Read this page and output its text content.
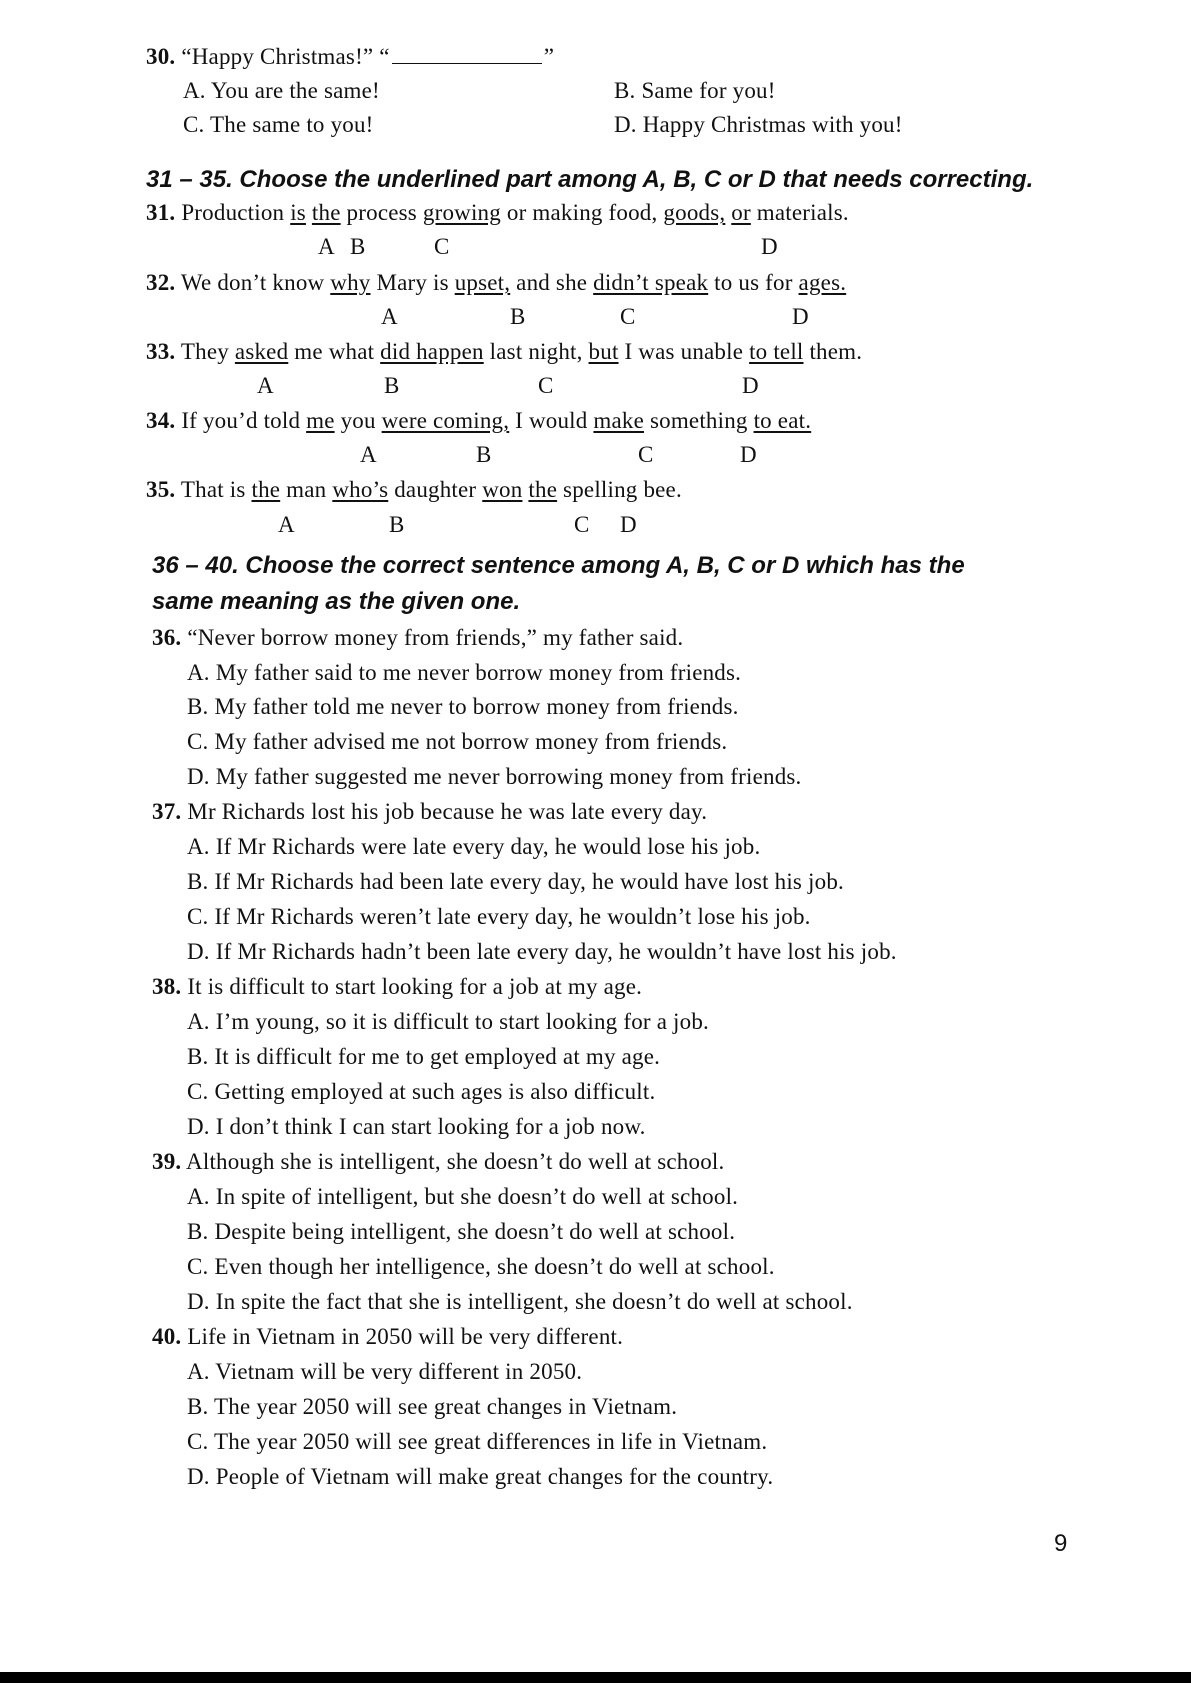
30. “Happy Christmas!” “	”
A. You are the same!	B. Same for you!
C. The same to you!	D. Happy Christmas with you!
31 – 35. Choose the underlined part among A, B, C or D that needs correcting.
31. Production is the process growing or making food, goods, or materials.
A B	C	D
32. We don’t know why Mary is upset, and she didn’t speak to us for ages.
A	B	C	D
33. They asked me what did happen last night, but I was unable to tell them.
A	B	C	D
34. If you’d told me you were coming, I would make something to eat.
A	B	C	D
35. That is the man who’s daughter won the spelling bee.
A	B	C D
36 – 40. Choose the correct sentence among A, B, C or D which has the
same meaning as the given one.
36. “Never borrow money from friends,” my father said.
A. My father said to me never borrow money from friends.
B. My father told me never to borrow money from friends.
C. My father advised me not borrow money from friends.
D. My father suggested me never borrowing money from friends.
37. Mr Richards lost his job because he was late every day.
A. If Mr Richards were late every day, he would lose his job.
B. If Mr Richards had been late every day, he would have lost his job.
C. If Mr Richards weren’t late every day, he wouldn’t lose his job.
D. If Mr Richards hadn’t been late every day, he wouldn’t have lost his job.
38. It is difficult to start looking for a job at my age.
A. I’m young, so it is difficult to start looking for a job.
B. It is difficult for me to get employed at my age.
C. Getting employed at such ages is also difficult.
D. I don’t think I can start looking for a job now.
39. Although she is intelligent, she doesn’t do well at school.
A. In spite of intelligent, but she doesn’t do well at school.
B. Despite being intelligent, she doesn’t do well at school.
C. Even though her intelligence, she doesn’t do well at school.
D. In spite the fact that she is intelligent, she doesn’t do well at school.
40. Life in Vietnam in 2050 will be very different.
A. Vietnam will be very different in 2050.
B. The year 2050 will see great changes in Vietnam.
C. The year 2050 will see great differences in life in Vietnam.
D. People of Vietnam will make great changes for the country.
9
